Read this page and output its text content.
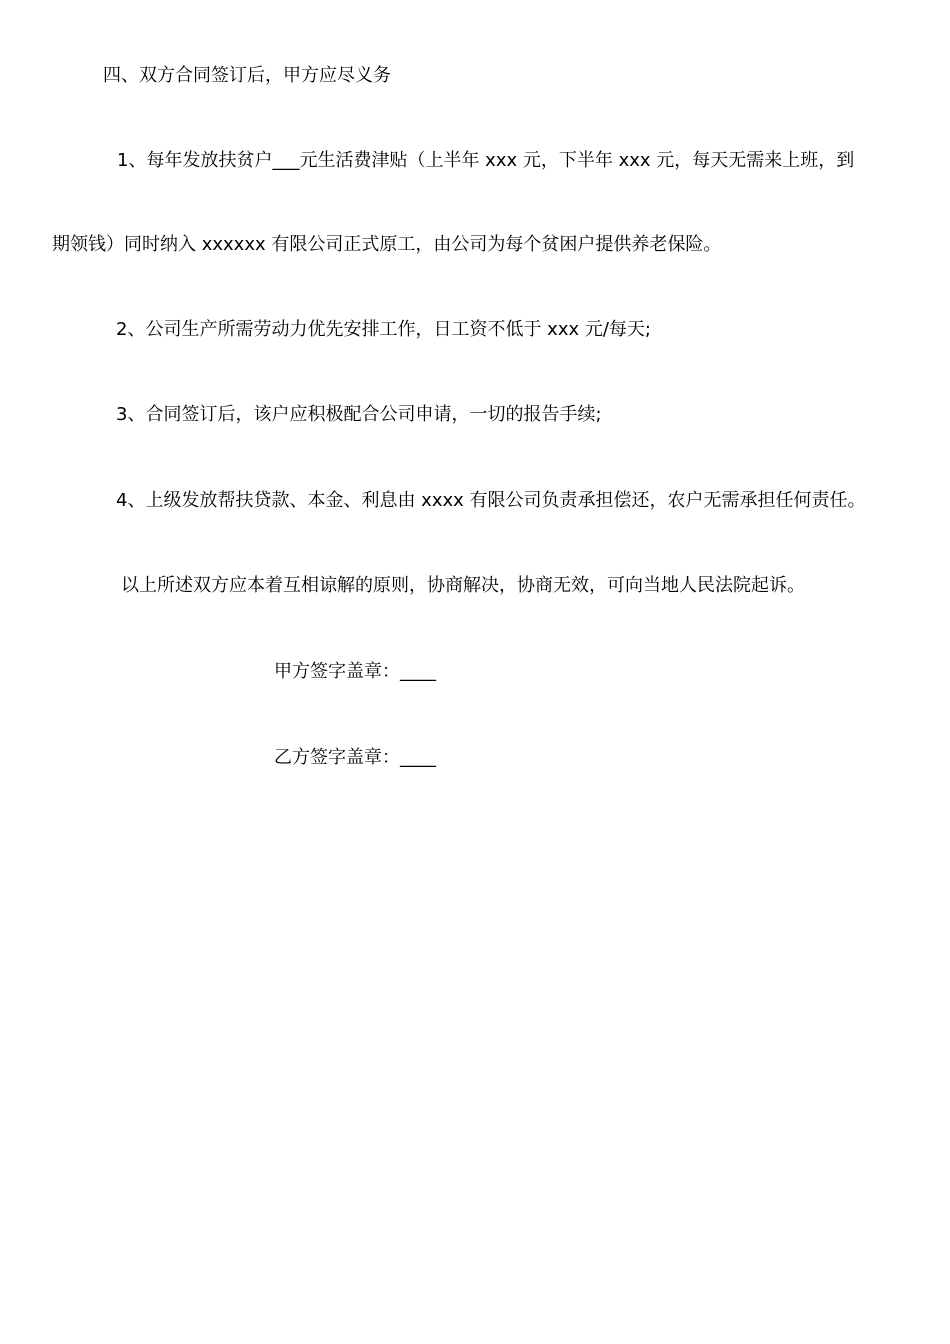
四、双方合同签订后，甲方应尽义务
1、每年发放扶贫户___元生活费津贴（上半年 xxx 元，下半年 xxx 元，每天无需来上班，到
期领钱）同时纳入 xxxxxx 有限公司正式原工，由公司为每个贫困户提供养老保险。
2、公司生产所需劳动力优先安排工作，日工资不低于 xxx 元/每天;
3、合同签订后，该户应积极配合公司申请，一切的报告手续;
4、上级发放帮扶贷款、本金、利息由 xxxx 有限公司负责承担偿还，农户无需承担任何责任。
以上所述双方应本着互相谅解的原则，协商解决，协商无效，可向当地人民法院起诉。
甲方签字盖章：____
乙方签字盖章：____
